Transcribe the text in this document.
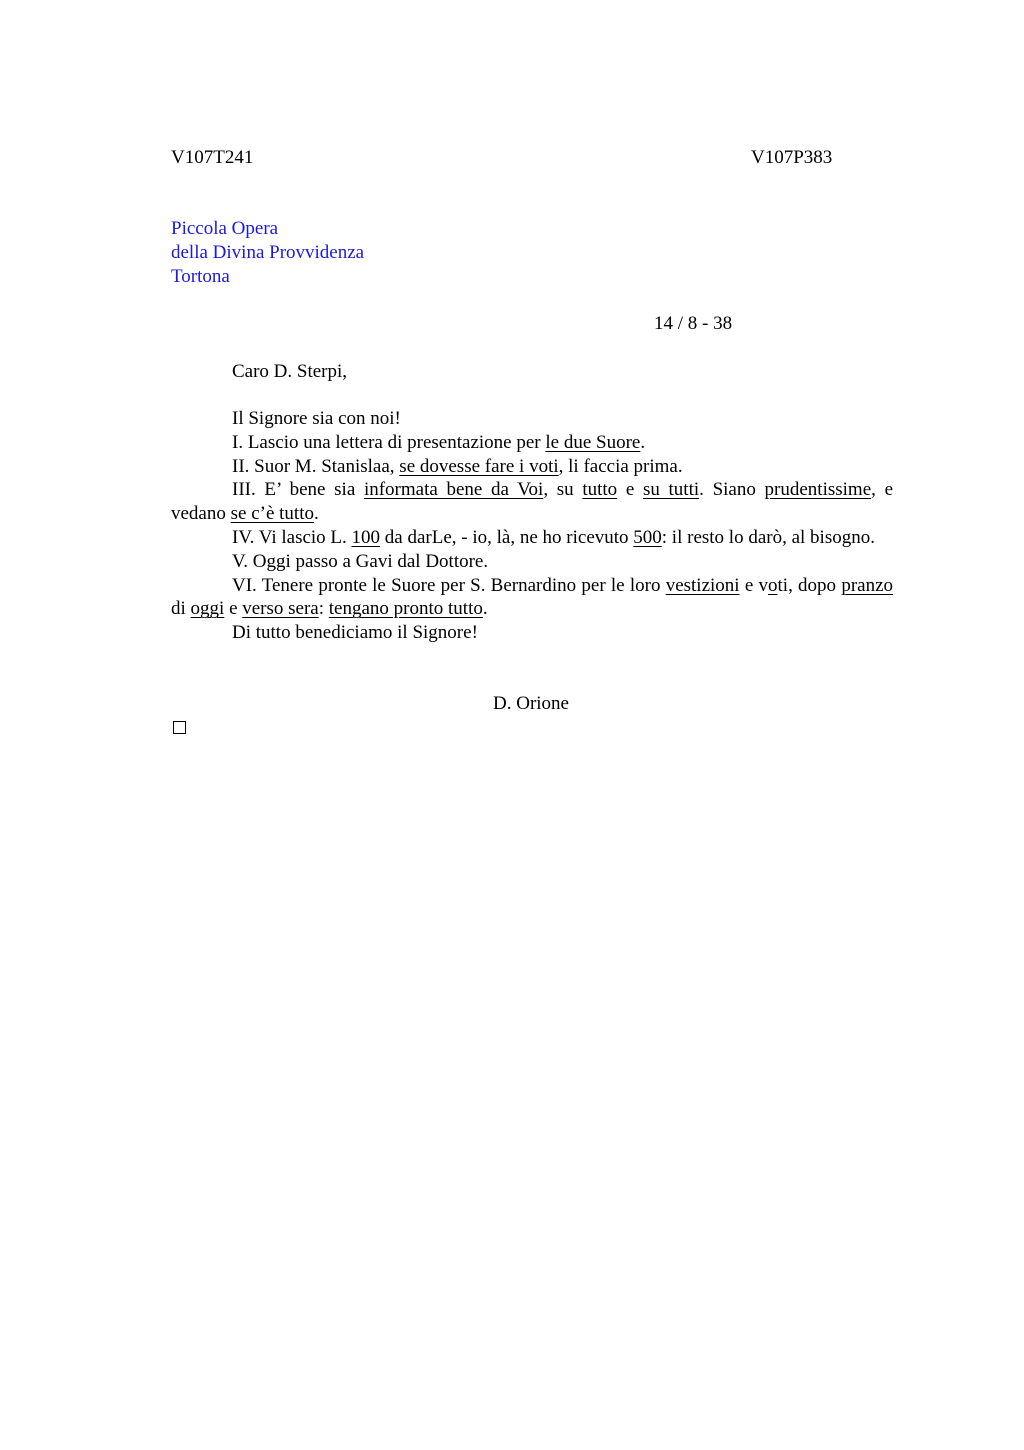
V107T241	V107P383
Piccola Opera
della Divina Provvidenza
Tortona
14 / 8 - 38
Caro D. Sterpi,

Il Signore sia con noi!

I. Lascio una lettera di presentazione per le due Suore.

II. Suor M. Stanislaa, se dovesse fare i voti, li faccia prima.

III. E’ bene sia informata bene da Voi, su tutto e su tutti. Siano prudentissime, e vedano se c’è tutto.

IV. Vi lascio L. 100 da darLe, - io, là, ne ho ricevuto 500: il resto lo darò, al bisogno.

V. Oggi passo a Gavi dal Dottore.

VI. Tenere pronte le Suore per S. Bernardino per le loro vestizioni e voti, dopo pranzo di oggi e verso sera: tengano pronto tutto.

Di tutto benediciamo il Signore!

D. Orione
